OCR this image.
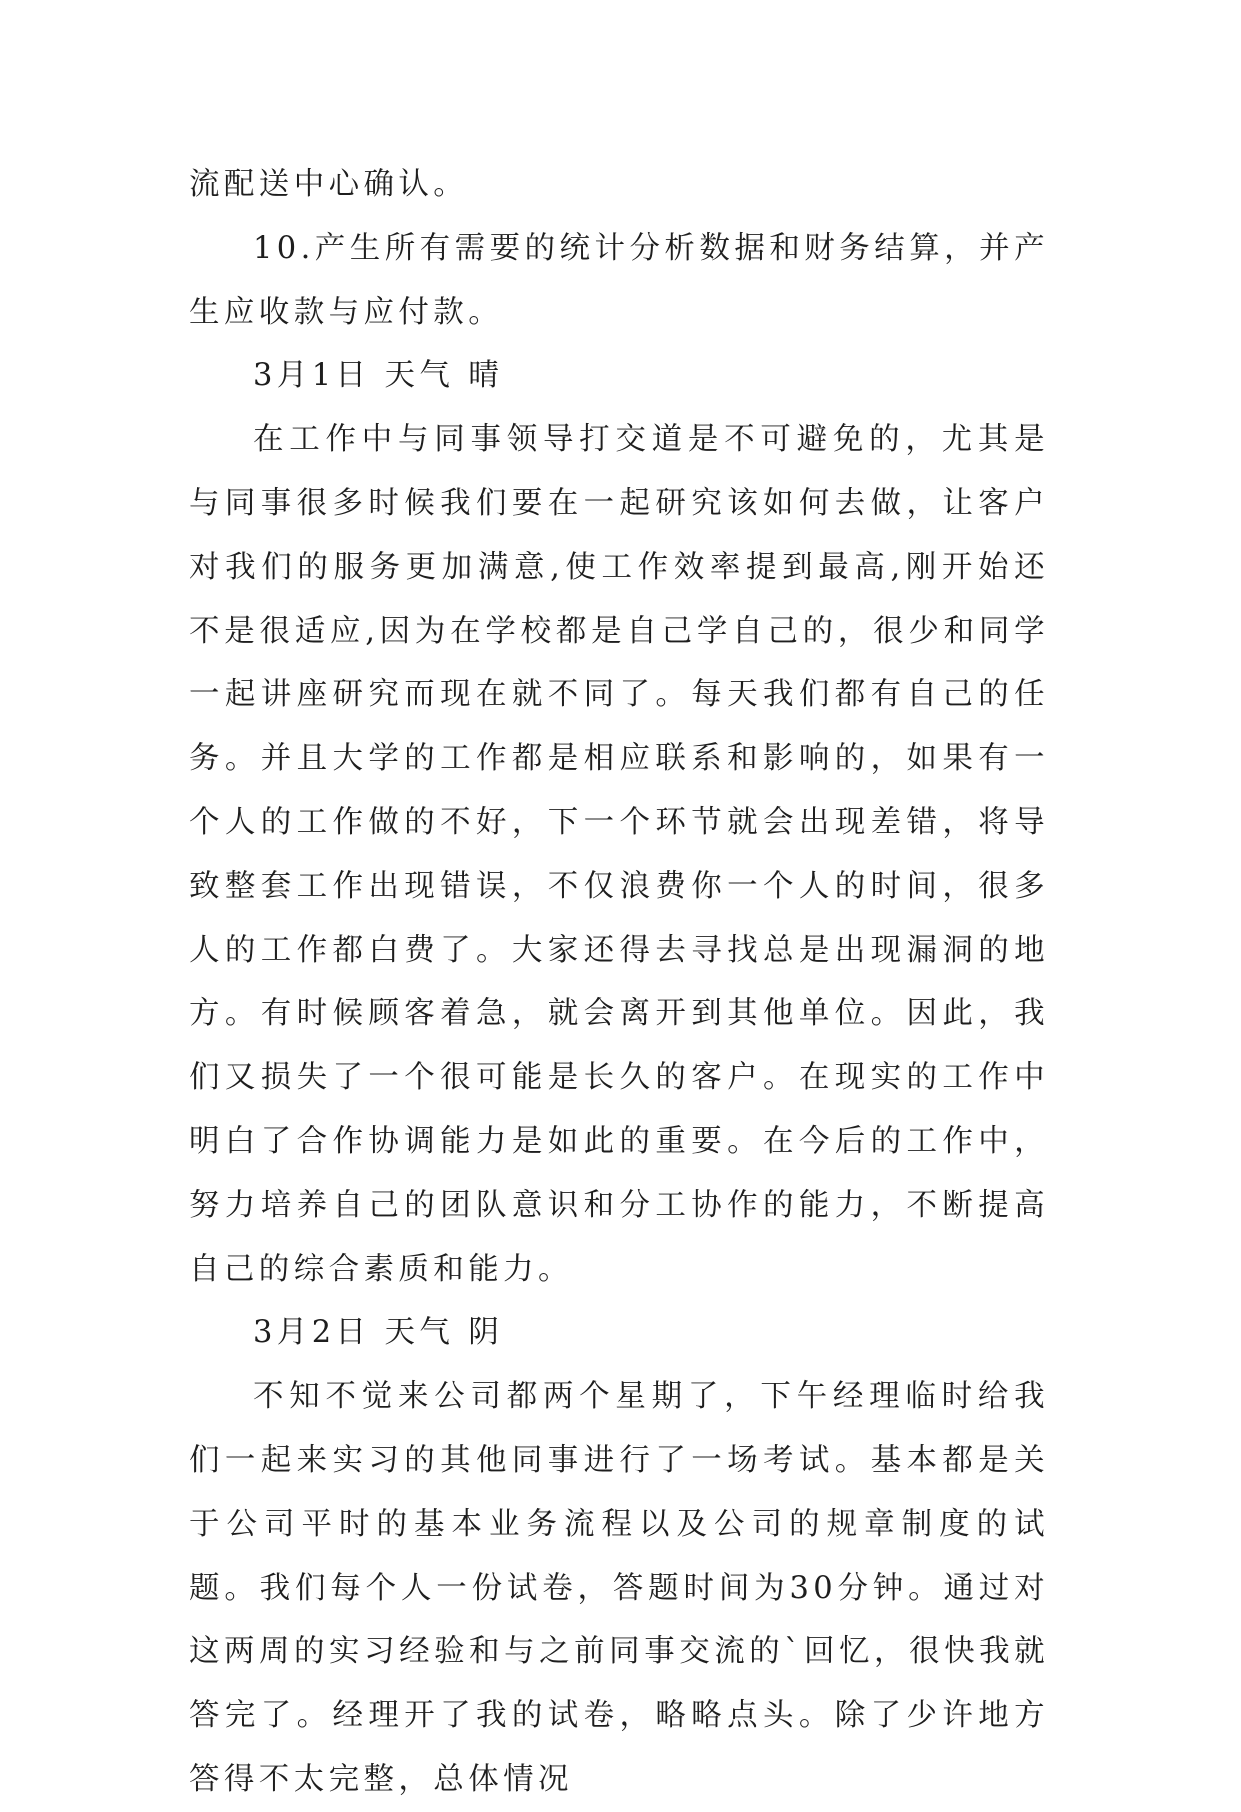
流配送中心确认。

10.产生所有需要的统计分析数据和财务结算，并产生应收款与应付款。

3月1日 天气 晴

在工作中与同事领导打交道是不可避免的，尤其是与同事很多时候我们要在一起研究该如何去做，让客户对我们的服务更加满意,使工作效率提到最高,刚开始还不是很适应,因为在学校都是自己学自己的，很少和同学一起讲座研究而现在就不同了。每天我们都有自己的任务。并且大学的工作都是相应联系和影响的，如果有一个人的工作做的不好，下一个环节就会出现差错，将导致整套工作出现错误，不仅浪费你一个人的时间，很多人的工作都白费了。大家还得去寻找总是出现漏洞的地方。有时候顾客着急，就会离开到其他单位。因此，我们又损失了一个很可能是长久的客户。在现实的工作中明白了合作协调能力是如此的重要。在今后的工作中，努力培养自己的团队意识和分工协作的能力，不断提高自己的综合素质和能力。

3月2日 天气 阴

不知不觉来公司都两个星期了，下午经理临时给我们一起来实习的其他同事进行了一场考试。基本都是关于公司平时的基本业务流程以及公司的规章制度的试题。我们每个人一份试卷，答题时间为30分钟。通过对这两周的实习经验和与之前同事交流的`回忆，很快我就答完了。经理开了我的试卷，略略点头。除了少许地方答得不太完整，总体情况
